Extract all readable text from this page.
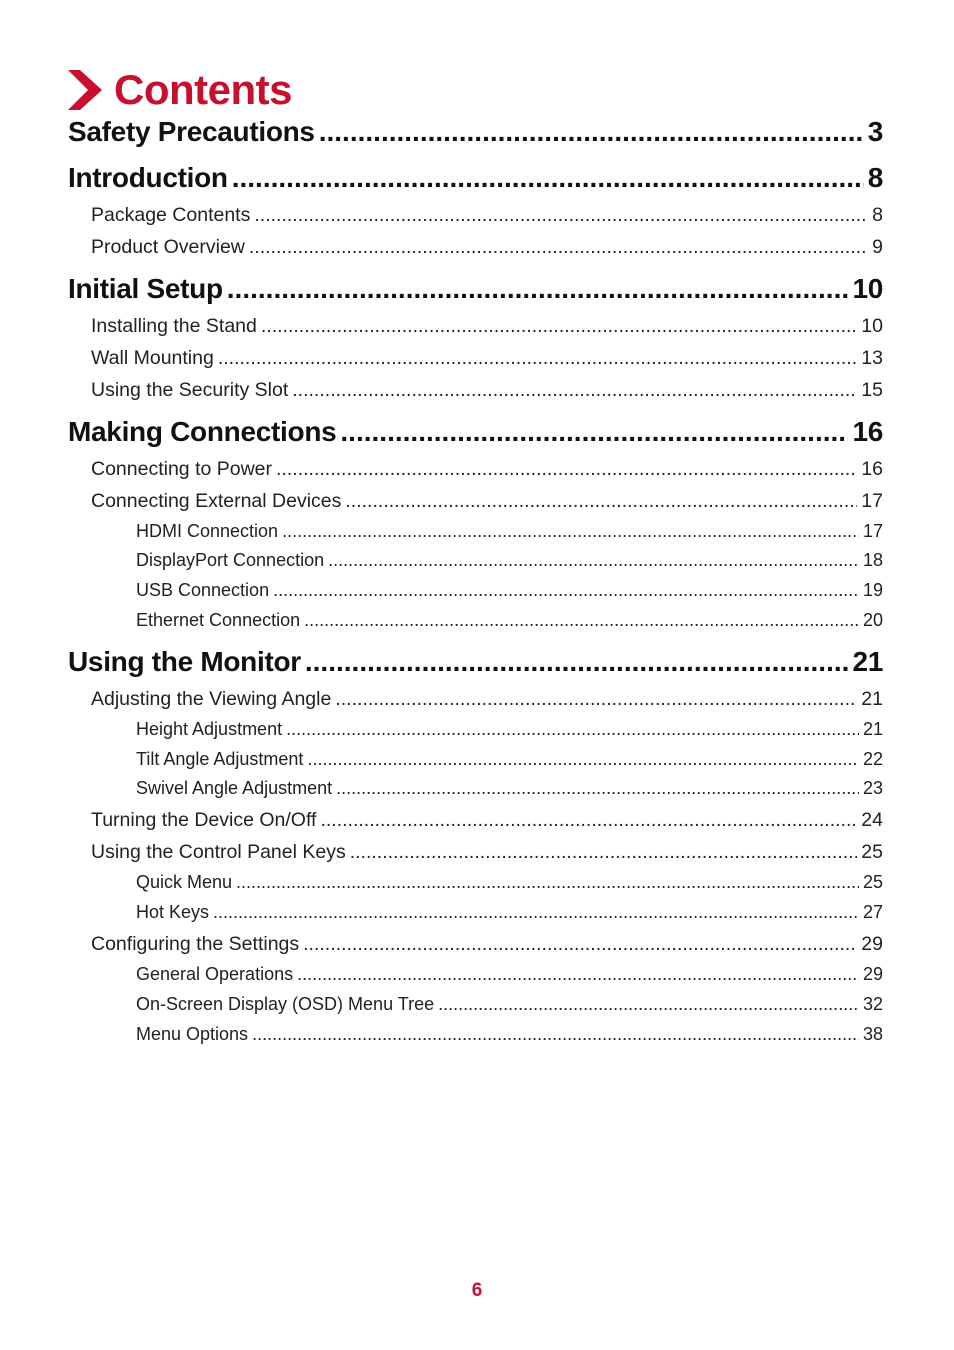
Contents
Safety Precautions .....	3
Introduction .....	8
Package Contents .....	8
Product Overview .....	9
Initial Setup .....	10
Installing the Stand .....	10
Wall Mounting .....	13
Using the Security Slot .....	15
Making Connections .....	16
Connecting to Power .....	16
Connecting External Devices .....	17
HDMI Connection .....	17
DisplayPort Connection .....	18
USB Connection .....	19
Ethernet Connection .....	20
Using the Monitor .....	21
Adjusting the Viewing Angle .....	21
Height Adjustment .....	21
Tilt Angle Adjustment .....	22
Swivel Angle Adjustment .....	23
Turning the Device On/Off .....	24
Using the Control Panel Keys .....	25
Quick Menu .....	25
Hot Keys .....	27
Configuring the Settings .....	29
General Operations .....	29
On-Screen Display (OSD) Menu Tree .....	32
Menu Options .....	38
6
